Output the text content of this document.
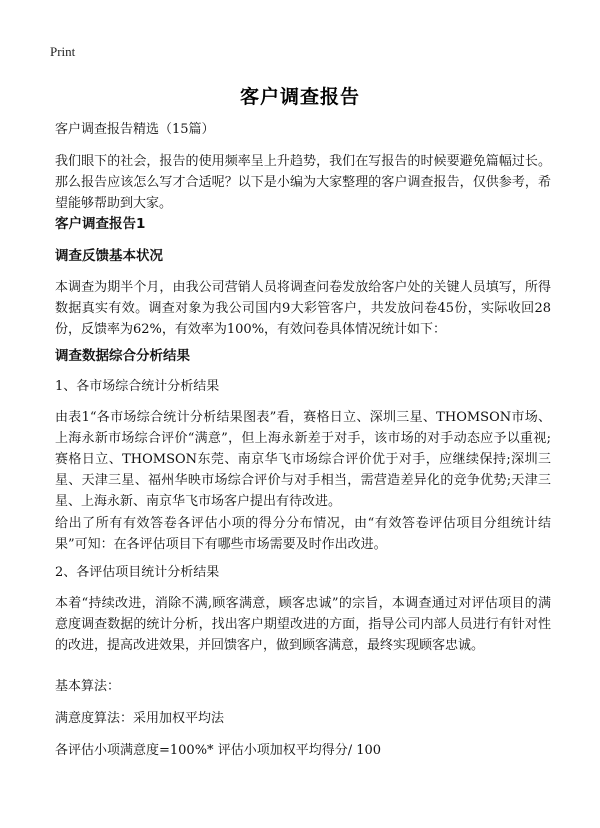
Print
客户调查报告
客户调查报告精选（15篇）
我们眼下的社会，报告的使用频率呈上升趋势，我们在写报告的时候要避免篇幅过长。那么报告应该怎么写才合适呢？以下是小编为大家整理的客户调查报告，仅供参考，希望能够帮助到大家。
客户调查报告1
调查反馈基本状况
本调查为期半个月，由我公司营销人员将调查问卷发放给客户处的关键人员填写，所得数据真实有效。调查对象为我公司国内9大彩管客户，共发放问卷45份，实际收回28份，反馈率为62%，有效率为100%，有效问卷具体情况统计如下：
调查数据综合分析结果
1、各市场综合统计分析结果
由表1“各市场综合统计分析结果图表”看，赛格日立、深圳三星、THOMSON市场、上海永新市场综合评价“满意”，但上海永新差于对手，该市场的对手动态应予以重视;赛格日立、THOMSON东莞、南京华飞市场综合评价优于对手，应继续保持;深圳三星、天津三星、福州华映市场综合评价与对手相当，需营造差异化的竞争优势;天津三星、上海永新、南京华飞市场客户提出有待改进。
给出了所有有效答卷各评估小项的得分分布情况，由“有效答卷评估项目分组统计结果”可知：在各评估项目下有哪些市场需要及时作出改进。
2、各评估项目统计分析结果
本着“持续改进，消除不满,顾客满意，顾客忠诚”的宗旨，本调查通过对评估项目的满意度调查数据的统计分析，找出客户期望改进的方面，指导公司内部人员进行有针对性的改进，提高改进效果，并回馈客户，做到顾客满意，最终实现顾客忠诚。
基本算法：
满意度算法：采用加权平均法
各评估小项满意度=100%* 评估小项加权平均得分/ 100
